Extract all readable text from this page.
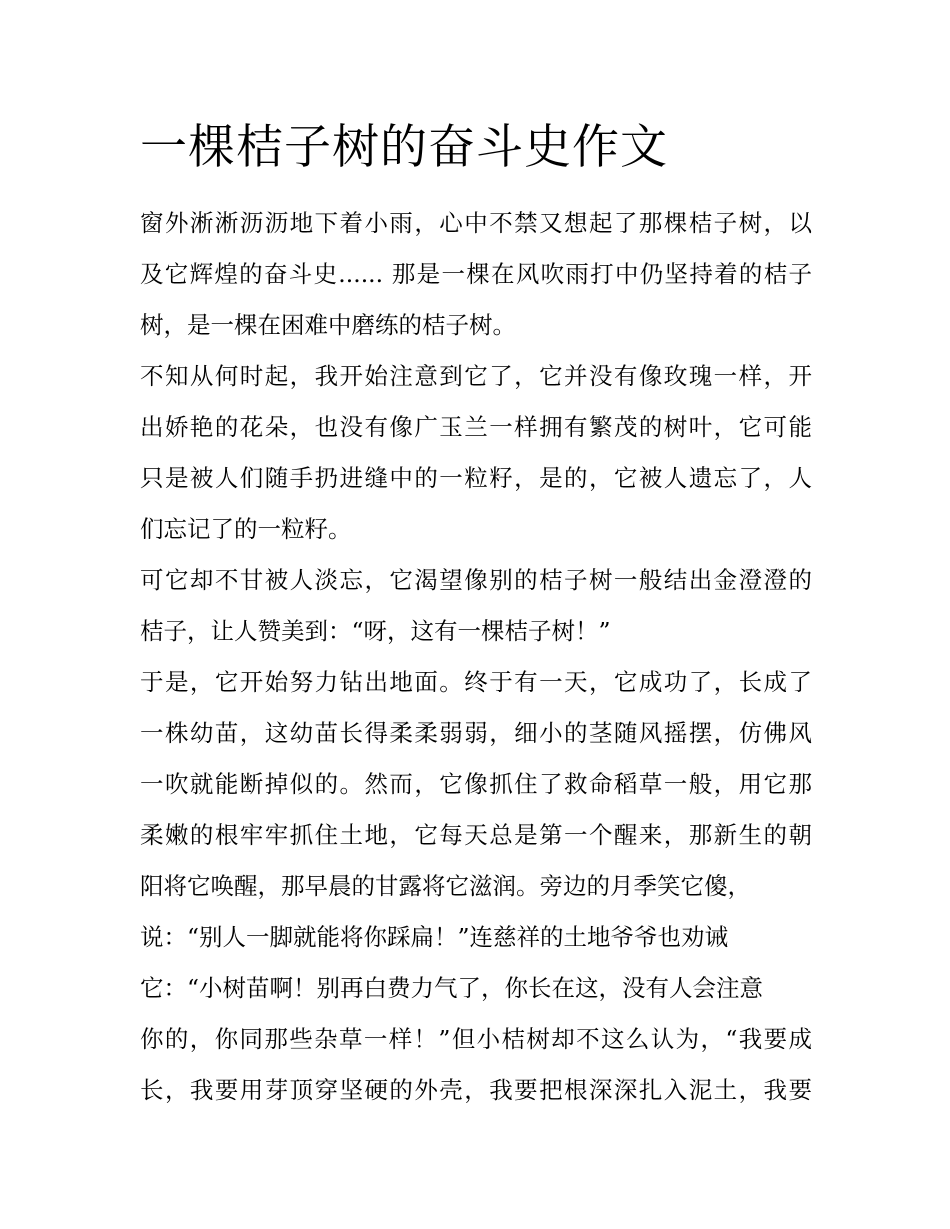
一棵桔子树的奋斗史作文
窗外淅淅沥沥地下着小雨，心中不禁又想起了那棵桔子树，以
及它辉煌的奋斗史...... 那是一棵在风吹雨打中仍坚持着的桔子
树，是一棵在困难中磨练的桔子树。
不知从何时起，我开始注意到它了，它并没有像玫瑰一样，开
出娇艳的花朵，也没有像广玉兰一样拥有繁茂的树叶，它可能
只是被人们随手扔进缝中的一粒籽，是的，它被人遗忘了，人
们忘记了的一粒籽。
可它却不甘被人淡忘，它渴望像别的桔子树一般结出金澄澄的
桔子，让人赞美到：“呀，这有一棵桔子树！”
于是，它开始努力钻出地面。终于有一天，它成功了，长成了
一株幼苗，这幼苗长得柔柔弱弱，细小的茎随风摇摆，仿佛风
一吹就能断掉似的。然而，它像抓住了救命稻草一般，用它那
柔嫩的根牢牢抓住土地，它每天总是第一个醒来，那新生的朝
阳将它唤醒，那早晨的甘露将它滋润。旁边的月季笑它傻，
说：“别人一脚就能将你踩扁！”连慈祥的土地爷爷也劝诫
它：“小树苗啊！别再白费力气了，你长在这，没有人会注意
你的，你同那些杂草一样！”但小桔树却不这么认为，“我要成
长，我要用芽顶穿坚硬的外壳，我要把根深深扎入泥土，我要
